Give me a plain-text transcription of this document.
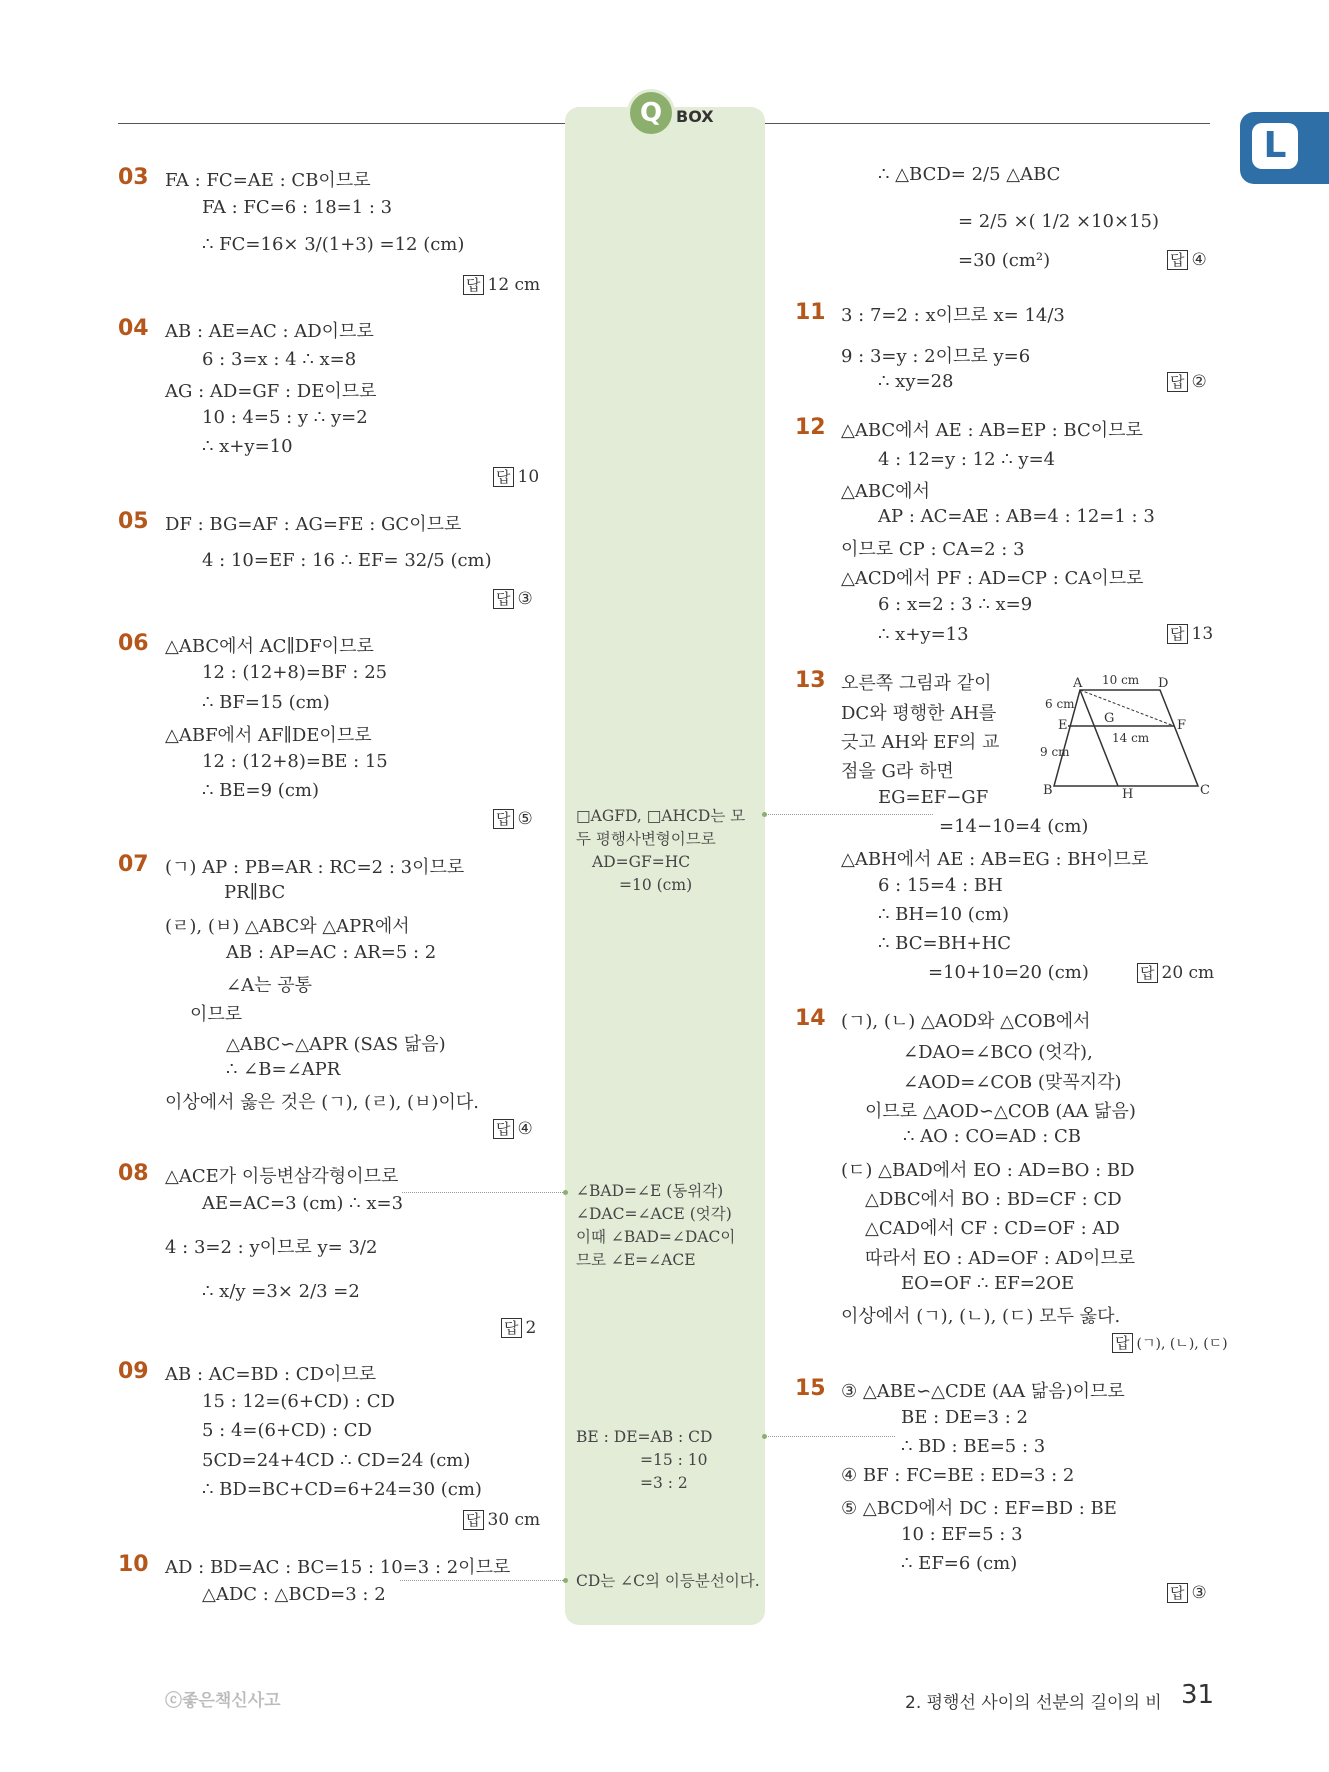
Q BOX
L
03 FA : FC=AE : CB이므로
FA : FC=6 : 18=1 : 3
∴ FC=16× 3/(1+3) =12 (cm)
답 12 cm
04 AB : AE=AC : AD이므로
6 : 3=x : 4 ∴ x=8
AG : AD=GF : DE이므로
10 : 4=5 : y ∴ y=2
∴ x+y=10
답 10
05 DF : BG=AF : AG=FE : GC이므로
4 : 10=EF : 16 ∴ EF= 32/5 (cm)
답 ③
06 △ABC에서 AC∥DF이므로
12 : (12+8)=BF : 25
∴ BF=15 (cm)
△ABF에서 AF∥DE이므로
12 : (12+8)=BE : 15
∴ BE=9 (cm)
답 ⑤
07 (ㄱ) AP : PB=AR : RC=2 : 3이므로
PR∥BC
(ㄹ), (ㅂ) △ABC와 △APR에서
AB : AP=AC : AR=5 : 2
∠A는 공통
이므로
△ABC∽△APR (SAS 닮음)
∴ ∠B=∠APR
이상에서 옳은 것은 (ㄱ), (ㄹ), (ㅂ)이다.
답 ④
08 △ACE가 이등변삼각형이므로
AE=AC=3 (cm) ∴ x=3
4 : 3=2 : y이므로 y= 3/2
∴ x/y =3× 2/3 =2
답 2
09 AB : AC=BD : CD이므로
15 : 12=(6+CD) : CD
5 : 4=(6+CD) : CD
5CD=24+4CD ∴ CD=24 (cm)
∴ BD=BC+CD=6+24=30 (cm)
답 30 cm
10 AD : BD=AC : BC=15 : 10=3 : 2이므로
△ADC : △BCD=3 : 2
∴ △BCD= 2/5 △ABC
= 2/5 ×( 1/2 ×10×15)
=30 (cm²)	답 ④
11 3 : 7=2 : x이므로 x= 14/3
9 : 3=y : 2이므로 y=6
∴ xy=28	답 ②
12 △ABC에서 AE : AB=EP : BC이므로
4 : 12=y : 12 ∴ y=4
△ABC에서
AP : AC=AE : AB=4 : 12=1 : 3
이므로 CP : CA=2 : 3
△ACD에서 PF : AD=CP : CA이므로
6 : x=2 : 3 ∴ x=9
∴ x+y=13	답 13
13 오른쪽 그림과 같이
DC와 평행한 AH를
긋고 AH와 EF의 교
점을 G라 하면
EG=EF−GF
=14−10=4 (cm)
△ABH에서 AE : AB=EG : BH이므로
6 : 15=4 : BH
∴ BH=10 (cm)
∴ BC=BH+HC
=10+10=20 (cm)	답 20 cm
A	D
E	G	F
B	H	C
10 cm
6 cm
9 cm
14 cm
14 (ㄱ), (ㄴ) △AOD와 △COB에서
∠DAO=∠BCO (엇각),
∠AOD=∠COB (맞꼭지각)
이므로 △AOD∽△COB (AA 닮음)
∴ AO : CO=AD : CB
(ㄷ) △BAD에서 EO : AD=BO : BD
△DBC에서 BO : BD=CF : CD
△CAD에서 CF : CD=OF : AD
따라서 EO : AD=OF : AD이므로
EO=OF ∴ EF=2OE
이상에서 (ㄱ), (ㄴ), (ㄷ) 모두 옳다.
답 (ㄱ), (ㄴ), (ㄷ)
15 ③ △ABE∽△CDE (AA 닮음)이므로
BE : DE=3 : 2
∴ BD : BE=5 : 3
④ BF : FC=BE : ED=3 : 2
⑤ △BCD에서 DC : EF=BD : BE
10 : EF=5 : 3
∴ EF=6 (cm)
답 ③
□AGFD, □AHCD는 모
두 평행사변형이므로
AD=GF=HC
=10 (cm)
∠BAD=∠E (동위각)
∠DAC=∠ACE (엇각)
이때 ∠BAD=∠DAC이
므로 ∠E=∠ACE
BE : DE=AB : CD
=15 : 10
=3 : 2
CD는 ∠C의 이등분선이다.
ⓒ좋은책신사고	2. 평행선 사이의 선분의 길이의 비 31
